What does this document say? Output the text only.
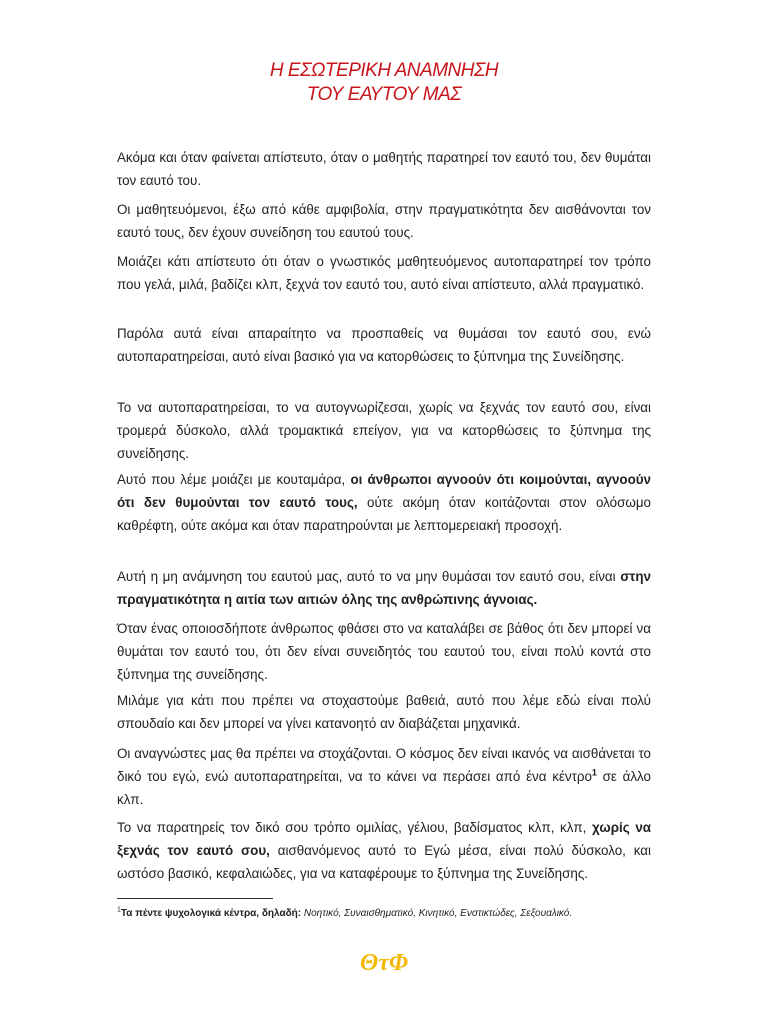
Η ΕΣΩΤΕΡΙΚΗ ΑΝΑΜΝΗΣΗ
ΤΟΥ ΕΑΥΤΟΥ ΜΑΣ

Ακόμα και όταν φαίνεται απίστευτο, όταν ο μαθητής παρατηρεί τον εαυτό του, δεν θυμάται τον εαυτό του.

Οι μαθητευόμενοι, έξω από κάθε αμφιβολία, στην πραγματικότητα δεν αισθάνονται τον εαυτό τους, δεν έχουν συνείδηση του εαυτού τους.

Μοιάζει κάτι απίστευτο ότι όταν ο γνωστικός μαθητευόμενος αυτοπαρατηρεί τον τρόπο που γελά, μιλά, βαδίζει κλπ, ξεχνά τον εαυτό του, αυτό είναι απίστευτο, αλλά πραγματικό.

Παρόλα αυτά είναι απαραίτητο να προσπαθείς να θυμάσαι τον εαυτό σου, ενώ αυτοπαρατηρείσαι, αυτό είναι βασικό για να κατορθώσεις το ξύπνημα της Συνείδησης.

Το να αυτοπαρατηρείσαι, το να αυτογνωρίζεσαι, χωρίς να ξεχνάς τον εαυτό σου, είναι τρομερά δύσκολο, αλλά τρομακτικά επείγον, για να κατορθώσεις το ξύπνημα της συνείδησης.

Αυτό που λέμε μοιάζει με κουταμάρα, οι άνθρωποι αγνοούν ότι κοιμούνται, αγνοούν ότι δεν θυμούνται τον εαυτό τους, ούτε ακόμη όταν κοιτάζονται στον ολόσωμο καθρέφτη, ούτε ακόμα και όταν παρατηρούνται με λεπτομερειακή προσοχή.

Αυτή η μη ανάμνηση του εαυτού μας, αυτό το να μην θυμάσαι τον εαυτό σου, είναι στην πραγματικότητα η αιτία των αιτιών όλης της ανθρώπινης άγνοιας.

Όταν ένας οποιοσδήποτε άνθρωπος φθάσει στο να καταλάβει σε βάθος ότι δεν μπορεί να θυμάται τον εαυτό του, ότι δεν είναι συνειδητός του εαυτού του, είναι πολύ κοντά στο ξύπνημα της συνείδησης.

Μιλάμε για κάτι που πρέπει να στοχαστούμε βαθειά, αυτό που λέμε εδώ είναι πολύ σπουδαίο και δεν μπορεί να γίνει κατανοητό αν διαβάζεται μηχανικά.

Οι αναγνώστες μας θα πρέπει να στοχάζονται. Ο κόσμος δεν είναι ικανός να αισθάνεται το δικό του εγώ, ενώ αυτοπαρατηρείται, να το κάνει να περάσει από ένα κέντρο$^1$ σε άλλο κλπ.

Το να παρατηρείς τον δικό σου τρόπο ομιλίας, γέλιου, βαδίσματος κλπ, κλπ, χωρίς να ξεχνάς τον εαυτό σου, αισθανόμενος αυτό το Εγώ μέσα, είναι πολύ δύσκολο, και ωστόσο βασικό, κεφαλαιώδες, για να καταφέρουμε το ξύπνημα της Συνείδησης.

$^1$Τα πέντε ψυχολογικά κέντρα, δηλαδή: Νοητικό, Συναισθηματικό, Κινητικό, Ενστικτώδες, Σεξουαλικό.

ΘτΦ
